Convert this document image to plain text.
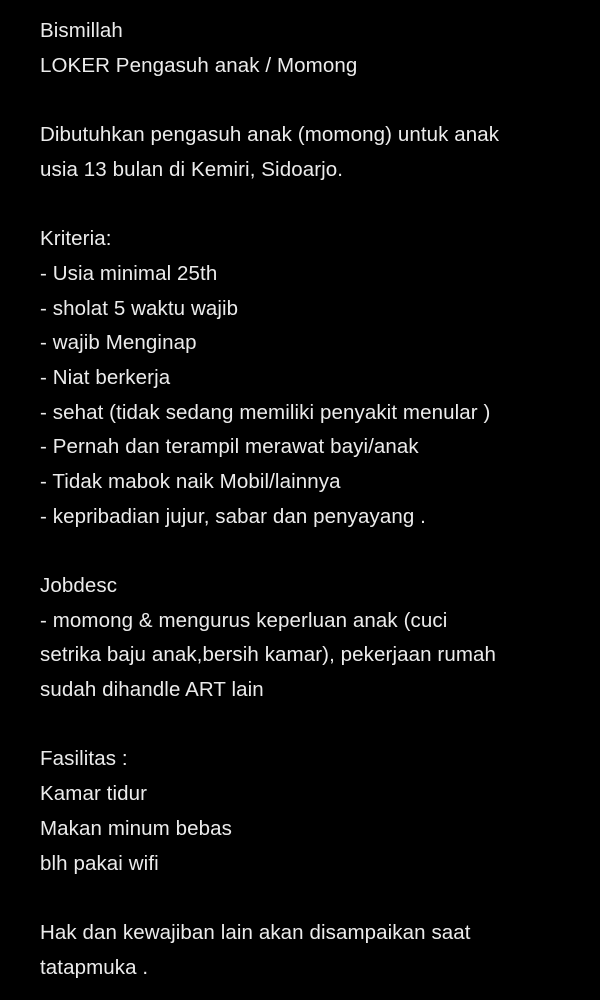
Bismillah
LOKER Pengasuh anak / Momong
Dibutuhkan pengasuh anak (momong) untuk anak
usia 13 bulan di Kemiri, Sidoarjo.
Kriteria:
- Usia minimal 25th
- sholat 5 waktu wajib
- wajib Menginap
- Niat berkerja
- sehat (tidak sedang memiliki penyakit menular )
- Pernah dan terampil merawat bayi/anak
- Tidak mabok naik Mobil/lainnya
- kepribadian jujur, sabar dan penyayang .
Jobdesc
- momong & mengurus keperluan anak (cuci
setrika baju anak,bersih kamar), pekerjaan rumah
sudah dihandle ART lain
Fasilitas :
Kamar tidur
Makan minum bebas
blh pakai wifi
Hak dan kewajiban lain akan disampaikan saat
tatapmuka .
